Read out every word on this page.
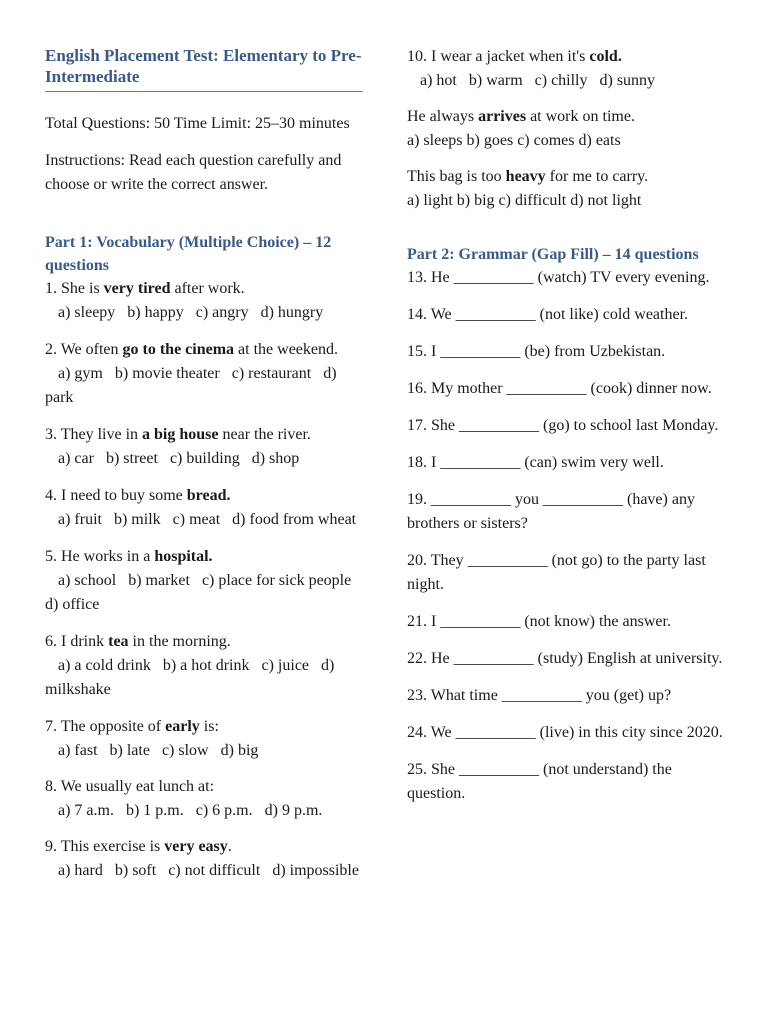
English Placement Test: Elementary to Pre-Intermediate

Total Questions: 50 Time Limit: 25–30 minutes

Instructions: Read each question carefully and choose or write the correct answer.

Part 1: Vocabulary (Multiple Choice) – 12 questions

1. She is very tired after work.
a) sleepy   b) happy   c) angry   d) hungry
2. We often go to the cinema at the weekend.
a) gym   b) movie theater   c) restaurant   d) park
3. They live in a big house near the river.
a) car   b) street   c) building   d) shop
4. I need to buy some bread.
a) fruit   b) milk   c) meat   d) food from wheat
5. He works in a hospital.
a) school   b) market   c) place for sick people   d) office
6. I drink tea in the morning.
a) a cold drink   b) a hot drink   c) juice   d) milkshake
7. The opposite of early is:
a) fast   b) late   c) slow   d) big
8. We usually eat lunch at:
a) 7 a.m.   b) 1 p.m.   c) 6 p.m.   d) 9 p.m.
9. This exercise is very easy.
a) hard   b) soft   c) not difficult   d) impossible
10. I wear a jacket when it's cold.
a) hot   b) warm   c) chilly   d) sunny
He always arrives at work on time.
a) sleeps b) goes c) comes d) eats
This bag is too heavy for me to carry.
a) light b) big c) difficult d) not light

Part 2: Grammar (Gap Fill) – 14 questions

13. He __________ (watch) TV every evening.

14. We __________ (not like) cold weather.

15. I __________ (be) from Uzbekistan.

16. My mother __________ (cook) dinner now.

17. She __________ (go) to school last Monday.

18. I __________ (can) swim very well.

19. __________ you __________ (have) any brothers or sisters?

20. They __________ (not go) to the party last night.

21. I __________ (not know) the answer.

22. He __________ (study) English at university.

23. What time __________ you (get) up?

24. We __________ (live) in this city since 2020.

25. She __________ (not understand) the question.
